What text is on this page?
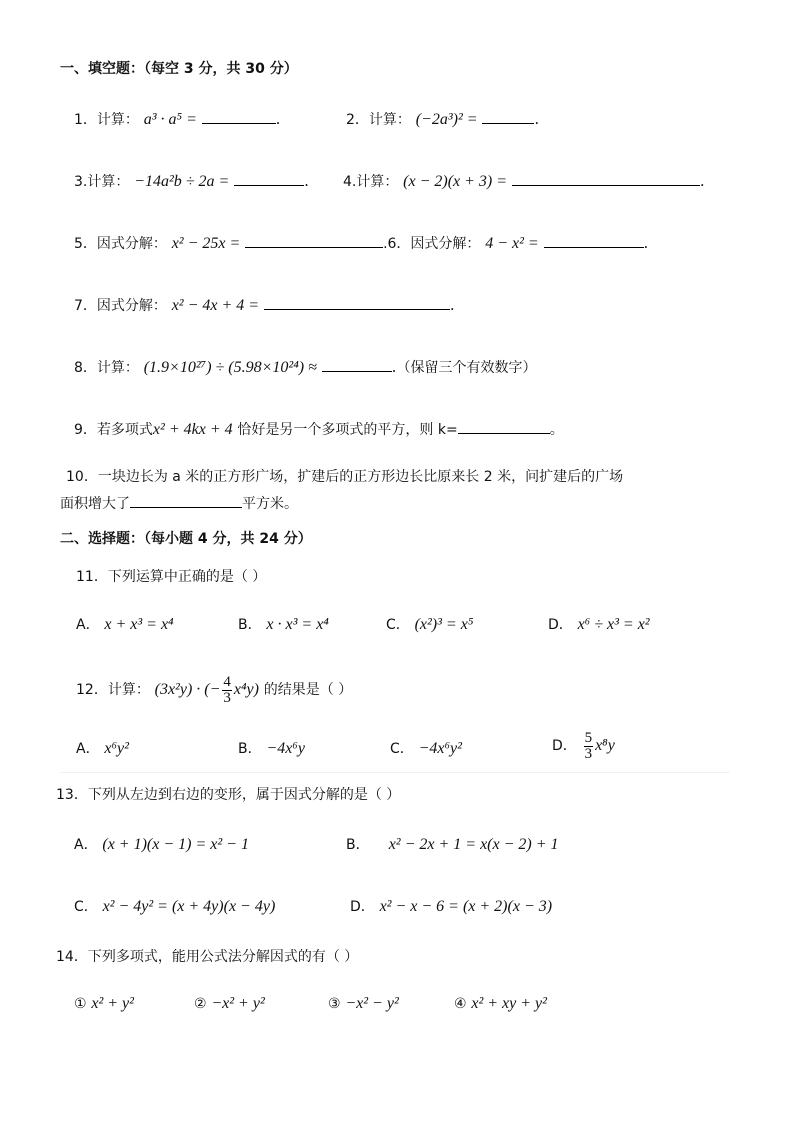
一、填空题：（每空 3 分，共 30 分）
1．计算： a³ · a⁵ =	.	2．计算： (−2a³)² =	.
3.计算： −14a²b ÷ 2a =	. 4.计算： (x − 2)(x + 3) =	.
5．因式分解： x² − 25x =	.6．因式分解： 4 − x² =	.
7．因式分解： x² − 4x + 4 =	.
8．计算： (1.9×10²⁷) ÷ (5.98×10²⁴) ≈	.（保留三个有效数字）
9．若多项式x² + 4kx + 4 恰好是另一个多项式的平方，则 k=	。
10．一块边长为 a 米的正方形广场，扩建后的正方形边长比原来长 2 米，问扩建后的广场
面积增大了	平方米。
二、选择题：（每小题 4 分，共 24 分）
11．下列运算中正确的是（ ）
A． x + x³ = x⁴	B． x · x³ = x⁴	C． (x²)³ = x⁵	D． x⁶ ÷ x³ = x²
12．计算： (3x²y) · (− $\frac{4}{3} x^4y$) 的结果是（ ）
A． x⁶y²	B． −4x⁶y	C． −4x⁶y²	D． $\frac{5}{3} x^8y$
13．下列从左边到右边的变形，属于因式分解的是（ ）
A． (x + 1)(x − 1) = x² − 1	B． x² − 2x + 1 = x(x − 2) + 1
C． x² − 4y² = (x + 4y)(x − 4y)	D． x² − x − 6 = (x + 2)(x − 3)
14．下列多项式，能用公式法分解因式的有（ ）
① x² + y²	② −x² + y²	③ −x² − y²	④ x² + xy + y²
